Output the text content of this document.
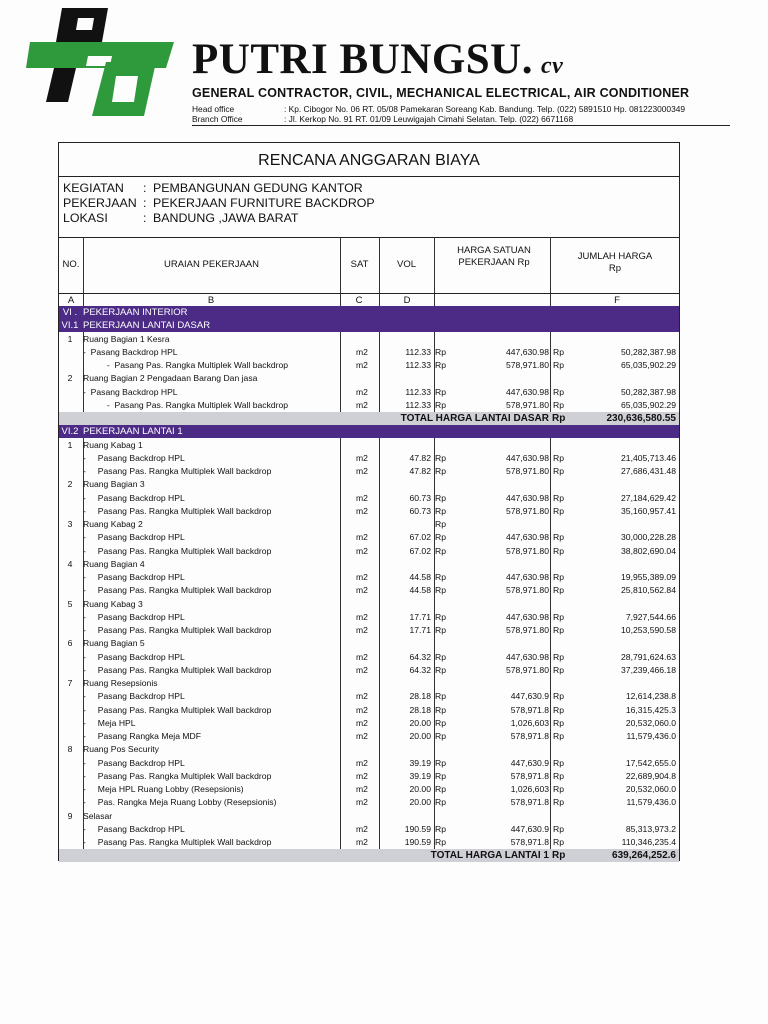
PUTRI BUNGSU. cv
GENERAL CONTRACTOR, CIVIL, MECHANICAL ELECTRICAL, AIR CONDITIONER
Head office	: Kp. Cibogor No. 06 RT. 05/08 Pamekaran Soreang Kab. Bandung. Telp. (022) 5891510 Hp. 081223000349
Branch Office	: Jl. Kerkop No. 91 RT. 01/09 Leuwigajah Cimahi Selatan. Telp. (022) 6671168
RENCANA ANGGARAN BIAYA
KEGIATAN : PEMBANGUNAN GEDUNG KANTOR
PEKERJAAN : PEKERJAAN FURNITURE BACKDROP
LOKASI	: BANDUNG ,JAWA BARAT
NO.	URAIAN PEKERJAAN	SAT	VOL
HARGA SATUAN PEKERJAAN Rp
JUMLAH HARGA Rp
A	B	C	D	F
VI . PEKERJAAN INTERIOR
VI.1 PEKERJAAN LANTAI DASAR
1	Ruang Bagian 1 Kesra
-  Pasang Backdrop HPL	m2	112.33 Rp	447,630.98 Rp	50,282,387.98
-  Pasang Pas. Rangka Multiplek Wall backdrop	m2	112.33 Rp	578,971.80 Rp	65,035,902.29
2	Ruang Bagian 2 Pengadaan Barang Dan jasa
-  Pasang Backdrop HPL	m2	112.33 Rp	447,630.98 Rp	50,282,387.98
-  Pasang Pas. Rangka Multiplek Wall backdrop	m2	112.33 Rp	578,971.80 Rp	65,035,902.29
TOTAL HARGA LANTAI DASAR Rp	230,636,580.55
VI.2 PEKERJAAN LANTAI 1
1	Ruang Kabag 1
-     Pasang Backdrop HPL	m2	47.82 Rp	447,630.98 Rp	21,405,713.46
-     Pasang Pas. Rangka Multiplek Wall backdrop	m2	47.82 Rp	578,971.80 Rp	27,686,431.48
2	Ruang Bagian 3
-     Pasang Backdrop HPL	m2	60.73 Rp	447,630.98 Rp	27,184,629.42
-     Pasang Pas. Rangka Multiplek Wall backdrop	m2	60.73 Rp	578,971.80 Rp	35,160,957.41
3	Ruang Kabag 2	Rp
-     Pasang Backdrop HPL	m2	67.02 Rp	447,630.98 Rp	30,000,228.28
-     Pasang Pas. Rangka Multiplek Wall backdrop	m2	67.02 Rp	578,971.80 Rp	38,802,690.04
4	Ruang Bagian 4
-     Pasang Backdrop HPL	m2	44.58 Rp	447,630.98 Rp	19,955,389.09
-     Pasang Pas. Rangka Multiplek Wall backdrop	m2	44.58 Rp	578,971.80 Rp	25,810,562.84
5	Ruang Kabag 3
-     Pasang Backdrop HPL	m2	17.71 Rp	447,630.98 Rp	7,927,544.66
-     Pasang Pas. Rangka Multiplek Wall backdrop	m2	17.71 Rp	578,971.80 Rp	10,253,590.58
6	Ruang Bagian 5
-     Pasang Backdrop HPL	m2	64.32 Rp	447,630.98 Rp	28,791,624.63
-     Pasang Pas. Rangka Multiplek Wall backdrop	m2	64.32 Rp	578,971.80 Rp	37,239,466.18
7	Ruang Resepsionis
-     Pasang Backdrop HPL	m2	28.18 Rp	447,630.9 Rp	12,614,238.8
-     Pasang Pas. Rangka Multiplek Wall backdrop	m2	28.18 Rp	578,971.8 Rp	16,315,425.3
-     Meja HPL	m2	20.00 Rp	1,026,603 Rp	20,532,060.0
-     Pasang Rangka Meja MDF	m2	20.00 Rp	578,971.8 Rp	11,579,436.0
8	Ruang Pos Security
-     Pasang Backdrop HPL	m2	39.19 Rp	447,630.9 Rp	17,542,655.0
-     Pasang Pas. Rangka Multiplek Wall backdrop	m2	39.19 Rp	578,971.8 Rp	22,689,904.8
-     Meja HPL Ruang Lobby (Resepsionis)	m2	20.00 Rp	1,026,603 Rp	20,532,060.0
-     Pas. Rangka Meja Ruang Lobby (Resepsionis)	m2	20.00 Rp	578,971.8 Rp	11,579,436.0
9	Selasar
-     Pasang Backdrop HPL	m2	190.59 Rp	447,630.9 Rp	85,313,973.2
-     Pasang Pas. Rangka Multiplek Wall backdrop	m2	190.59 Rp	578,971.8 Rp	110,346,235.4
TOTAL HARGA LANTAI 1 Rp	639,264,252.6
